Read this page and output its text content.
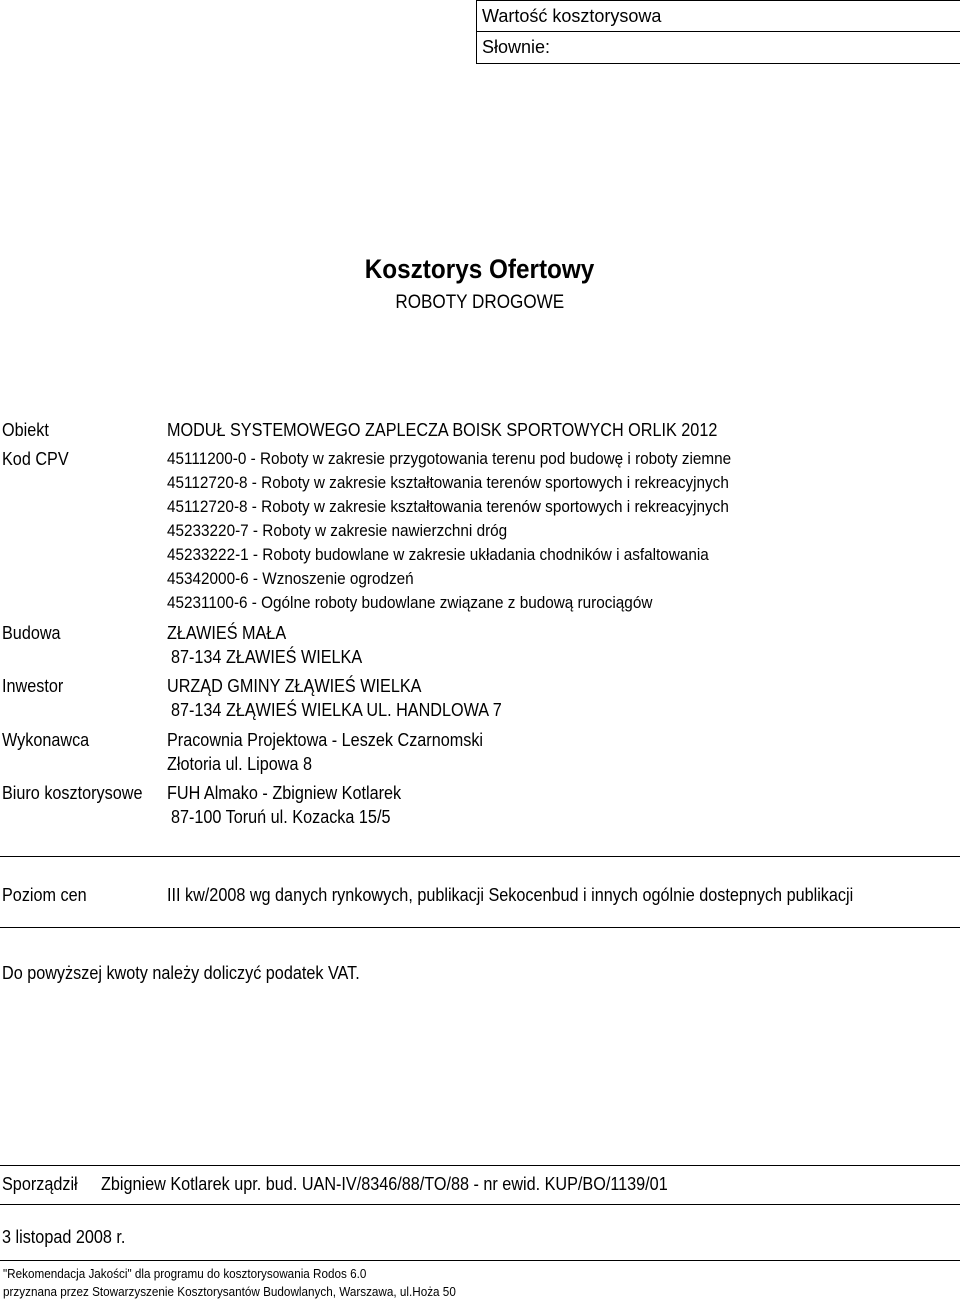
Wartość kosztorysowa
Słownie:
Kosztorys Ofertowy
ROBOTY DROGOWE
Obiekt	MODUŁ SYSTEMOWEGO ZAPLECZA BOISK SPORTOWYCH ORLIK 2012
Kod CPV	45111200-0 - Roboty w zakresie przygotowania terenu pod budowę i roboty ziemne
45112720-8 - Roboty w zakresie kształtowania terenów sportowych i rekreacyjnych
45112720-8 - Roboty w zakresie kształtowania terenów sportowych i rekreacyjnych
45233220-7 - Roboty w zakresie nawierzchni dróg
45233222-1 - Roboty budowlane w zakresie układania chodników i asfaltowania
45342000-6 - Wznoszenie ogrodzeń
45231100-6 - Ogólne roboty budowlane związane z budową rurociągów
Budowa	ZŁAWIEŚ MAŁA
87-134 ZŁAWIEŚ WIELKA
Inwestor	URZĄD GMINY ZŁĄWIEŚ WIELKA
87-134 ZŁĄWIEŚ WIELKA UL. HANDLOWA 7
Wykonawca	Pracownia Projektowa - Leszek Czarnomski
Złotoria ul. Lipowa 8
Biuro kosztorysowe	FUH Almako - Zbigniew Kotlarek
87-100 Toruń ul. Kozacka 15/5
Poziom cen	III kw/2008 wg danych rynkowych, publikacji Sekocenbud i innych ogólnie dostepnych publikacji
Do powyższej kwoty należy doliczyć podatek VAT.
Sporządził	Zbigniew Kotlarek upr. bud. UAN-IV/8346/88/TO/88 - nr ewid. KUP/BO/1139/01
3 listopad 2008 r.
"Rekomendacja Jakości" dla programu do kosztorysowania Rodos 6.0
przyznana przez Stowarzyszenie Kosztorysantów Budowlanych, Warszawa, ul.Hoża 50
